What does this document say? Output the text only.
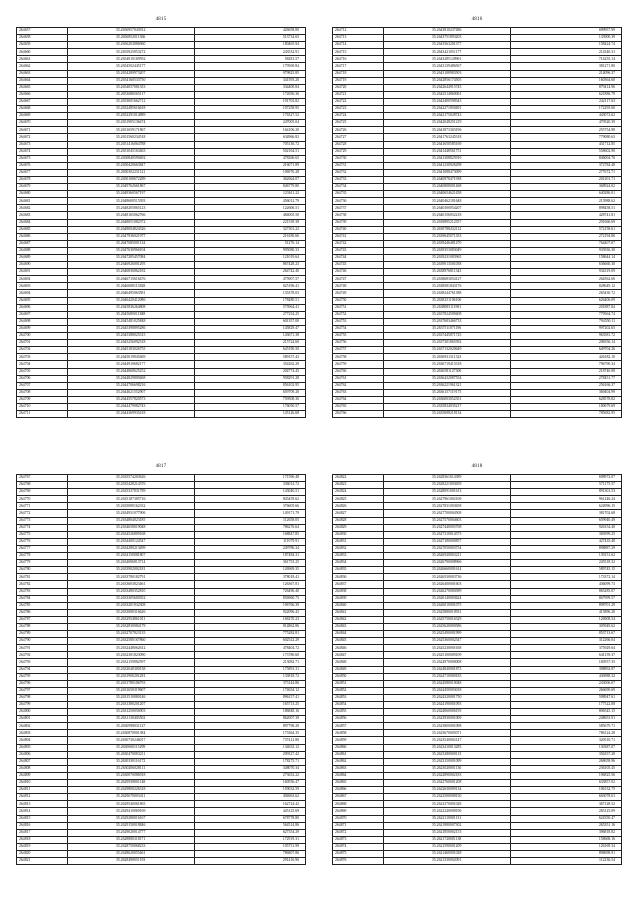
4815
264657	35.2656957043912	426658.80
264658	35.2656852011366	513734.65
264659	35.2656203886960	180465.94
264660	35.2655925853272	243532.91
264661	35.2654910169592	58281.57
264662	35.2654502445177	179569.84
264663	35.2654289973207	979825.85
264664	35.2654160533750	341593.20
264665	35.2654057081353	334400.84
264666	35.2653686565117	172656.36
264667	35.2653001662712	191702.82
264668	35.2652485616618	107258.95
264669	35.2652291014889	176327.52
264670	35.2651905136474	247005.04
264671	35.2651659171867	164106.20
264672	35.2651560234518	634966.82
264673	35.2651416064788	705136.72
264674	35.2651045163463	502164.51
264675	35.2650840590492	478266.65
264676	35.2650420663847	216071.89
264677	35.2650302231121	106976.28
264678	35.2650108672289	362664.07
264679	35.2649762661867	846779.80
264680	35.2649360567197	123611.22
264681	35.2648600515393	456012.79
264682	35.2648205865123	122606.51
264683	35.2648165062766	484005.50
264684	35.2648051082372	221539.39
264685	35.2648004824326	327301.22
264686	35.2647936021977	216180.66
264687	35.2647685001134	51276.14
264688	35.2647630966104	995080.33
264689	35.2647285457084	121019.64
264690	35.2646926001295	867428.23
264691	35.2646836862182	264742.40
264692	35.2646715616476	475907.57
264693	35.2646608113828	825196.41
264694	35.2646495063581	135378.03
264695	35.2646420412086	178480.51
264696	35.2645836264808	575964.41
264697	35.2645680011848	277254.25
264698	35.2645481025848	601357.00
264699	35.2645398895286	145829.47
264700	35.2645388025315	143671.38
264701	35.2645256092318	215724.60
264702	35.2645183026755	645190.50
264703	35.2645019845469	589157.43
264704	35.2644910682177	354262.29
264705	35.2644868625252	204774.45
264706	35.2644829809468	958291.28
264707	35.2644706698216	856102.95
264708	35.2644621552907	659709.20
264709	35.2644557820573	759508.30
264710	35.2644479082743	176050.57
264711	35.2644369935418	145126.68
4816
264712	35.2643810237486	699957.99
264713	35.2643751893203	133900.39
264714	35.2643563201377	158424.74
264715	35.2643421051177	214346.31
264716	35.2643285128961	714255.14
264717	35.2643139486567	381271.80
264718	35.2643108983503	214096.37
264719	35.2642856174505	160364.60
264720	35.2642644915745	879414.96
264721	35.2642514860061	621886.79
264722	35.2642400598343	242117.63
264723	35.2642271850491	172295.60
264724	35.2642175028743	443072.62
264725	35.2642048251219	479520.39
264726	35.2641873303196	255754.98
264727	35.2641763245318	779080.63
264728	35.2641650585169	431712.85
264729	35.2641448561751	558602.90
264730	35.2641308825919	846004.76
264731	35.2641230926298	372784.48
264732	35.2641088473099	277672.71
264733	35.2640978471938	201201.71
264734	35.2640808001468	368924.02
264735	35.2640654621458	640286.01
264736	35.2640462181648	215988.62
264737	35.2640300054207	898458.51
264738	35.2640156052218	428741.81
264739	35.2639895212357	291660.69
264740	35.2639788432112	572158.61
264741	35.2639645071353	272194.86
264742	35.2639446481470	764407.07
264743	35.2639353083049	933936.30
264744	35.2639231083965	158644.14
264745	35.2639013501038	636660.30
264746	35.2638876811343	934319.09
264747	35.2638683054127	264562.60
264748	35.2638581843176	828649.12
264749	35.2638344761388	265430.72
264750	35.2638251106106	626406.09
264751	35.2638085111981	201887.84
264752	35.2637824509408	779564.74
264753	35.2637683466733	794550.11
264754	35.2637511071196	997202.65
264755	35.2637445871725	963581.72
264756	35.2637301865392	206556.14
264757	35.2637132020649	649704.26
264758	35.2636931311323	426182.10
264759	35.2636719415318	796790.34
264760	35.2636581127306	218740.08
264761	35.2636432087554	278451.77
264762	35.2636221961321	256166.37
264763	35.2636157119175	369404.99
264764	35.2636003052351	628578.82
264765	35.2635834035217	180679.69
264766	35.2635698218134	785682.95
4817
264767	35.2635574203626	171596.48
264768	35.2635428214376	336014.72
264769	35.2635337831789	143046.51
264770	35.2635187385716	845459.62
264771	35.2635080162332	376605.66
264772	35.2634931077906	149171.79
264773	35.2634804023185	112658.05
264774	35.2634658019048	786276.64
264775	35.2634526809168	168847.85
264776	35.2634400124547	111079.91
264777	35.2634280213499	249786.34
264778	35.2634150081807	187484.31
264779	35.2634006813714	361753.25
264780	35.2633902002181	126969.35
264781	35.2633780182791	378018.41
264782	35.2633603823461	126367.81
264783	35.2633480352810	726496.40
264784	35.2633305600352	856960.75
264785	35.2633201932308	196766.39
264786	35.2633080316626	922096.43
264787	35.2632954861011	168270.23
264788	35.2632830084179	814862.86
264789	35.2632707823135	775282.81
264790	35.2632580167860	602522.29
264791	35.2632448062612	478404.72
264792	35.2632301823090	173780.60
264793	35.2632159882597	213082.71
264794	35.2632040300138	175891.31
264795	35.2631900201281	133818.72
264796	35.2631780106793	373144.86
264797	35.2631650319607	174634.12
264798	35.2631510080146	896157.41
264799	35.2631380201207	165713.25
264800	35.2631250056903	186848.16
264801	35.2631130403502	862007.39
264802	35.2630998031127	897798.29
264803	35.2630870001384	173364.35
264804	35.2630730246017	737412.80
264805	35.2630600115299	134633.12
264806	35.2630470083211	299327.42
264807	35.2630330116172	178275.71
264808	35.2630206028111	348070.34
264809	35.2630070086918	273652.22
264810	35.2629938801148	160556.47
264811	35.2629800226318	159032.59
264812	35.2629670003411	494663.62
264813	35.2629540061865	162724.42
264814	35.2629410069169	445125.69
264815	35.2629280016167	678778.80
264816	35.2629150018846	564514.86
264817	35.2629020014777	627354.29
264818	35.2628880318171	172919.31
264819	35.2628750068233	105731.99
264820	35.2628620055461	786807.86
264821	35.2628490051193	291416.96
4818
264822	35.2628361614389	698972.07
264823	35.2628221003659	571175.57
264824	35.2628091001613	891301.53
264825	35.2627961002169	961246.24
264826	35.2627831003658	624996.15
264827	35.2627700004508	381702.68
264828	35.2627570004603	659940.49
264829	35.2627440005708	926154.40
264830	35.2627310014575	383999.25
264831	35.2627180000857	427435.48
264832	35.2627050003754	898887.29
264833	35.2626920003211	139151.62
264834	35.2626790008966	245518.32
264835	35.2626660001614	589745.15
264836	35.2626530003736	173372.14
264837	35.2626400001603	436099.73
264838	35.2626270000589	865285.07
264839	35.2626140003624	867999.57
264840	35.2626010001075	898701.29
264841	35.2625880010931	415896.20
264842	35.2625750016329	126908.54
264843	35.2625620000586	305949.62
264844	35.2625490001999	853713.67
264845	35.2625360002547	312266.04
264846	35.2625230001658	375929.64
264847	35.2625100009109	641159.37
264848	35.2624970000008	169557.35
264849	35.2624840001873	398892.87
264850	35.2624710000183	436988.32
264851	35.2624580010048	243006.07
264852	35.2624450003018	266690.69
264853	35.2624320001750	598947.61
264854	35.2624190001093	177522.08
264855	35.2624060006195	806545.15
264856	35.2623930001009	248653.91
264857	35.2623800001098	585679.71
264858	35.2623670005071	786124.28
264859	35.2623540002147	320510.71
264860	35.2623410013285	130387.07
264861	35.2623280000113	356357.28
264862	35.2623150001099	268658.96
264863	35.2623020001136	236105.45
264864	35.2622890002183	196825.56
264865	35.2622760001208	633857.02
264866	35.2622630009134	106132.75
264867	35.2622500008150	663078.61
264868	35.2622370001028	367128.52
264869	35.2622240008196	265125.09
264870	35.2622110001131	624350.47
264871	35.2621980007302	265351.16
264872	35.2621850002153	396818.82
264873	35.2621720001138	158668.16
264874	35.2621590001209	126169.34
264875	35.2621460001028	898698.91
264876	35.2621330002091	112236.54
